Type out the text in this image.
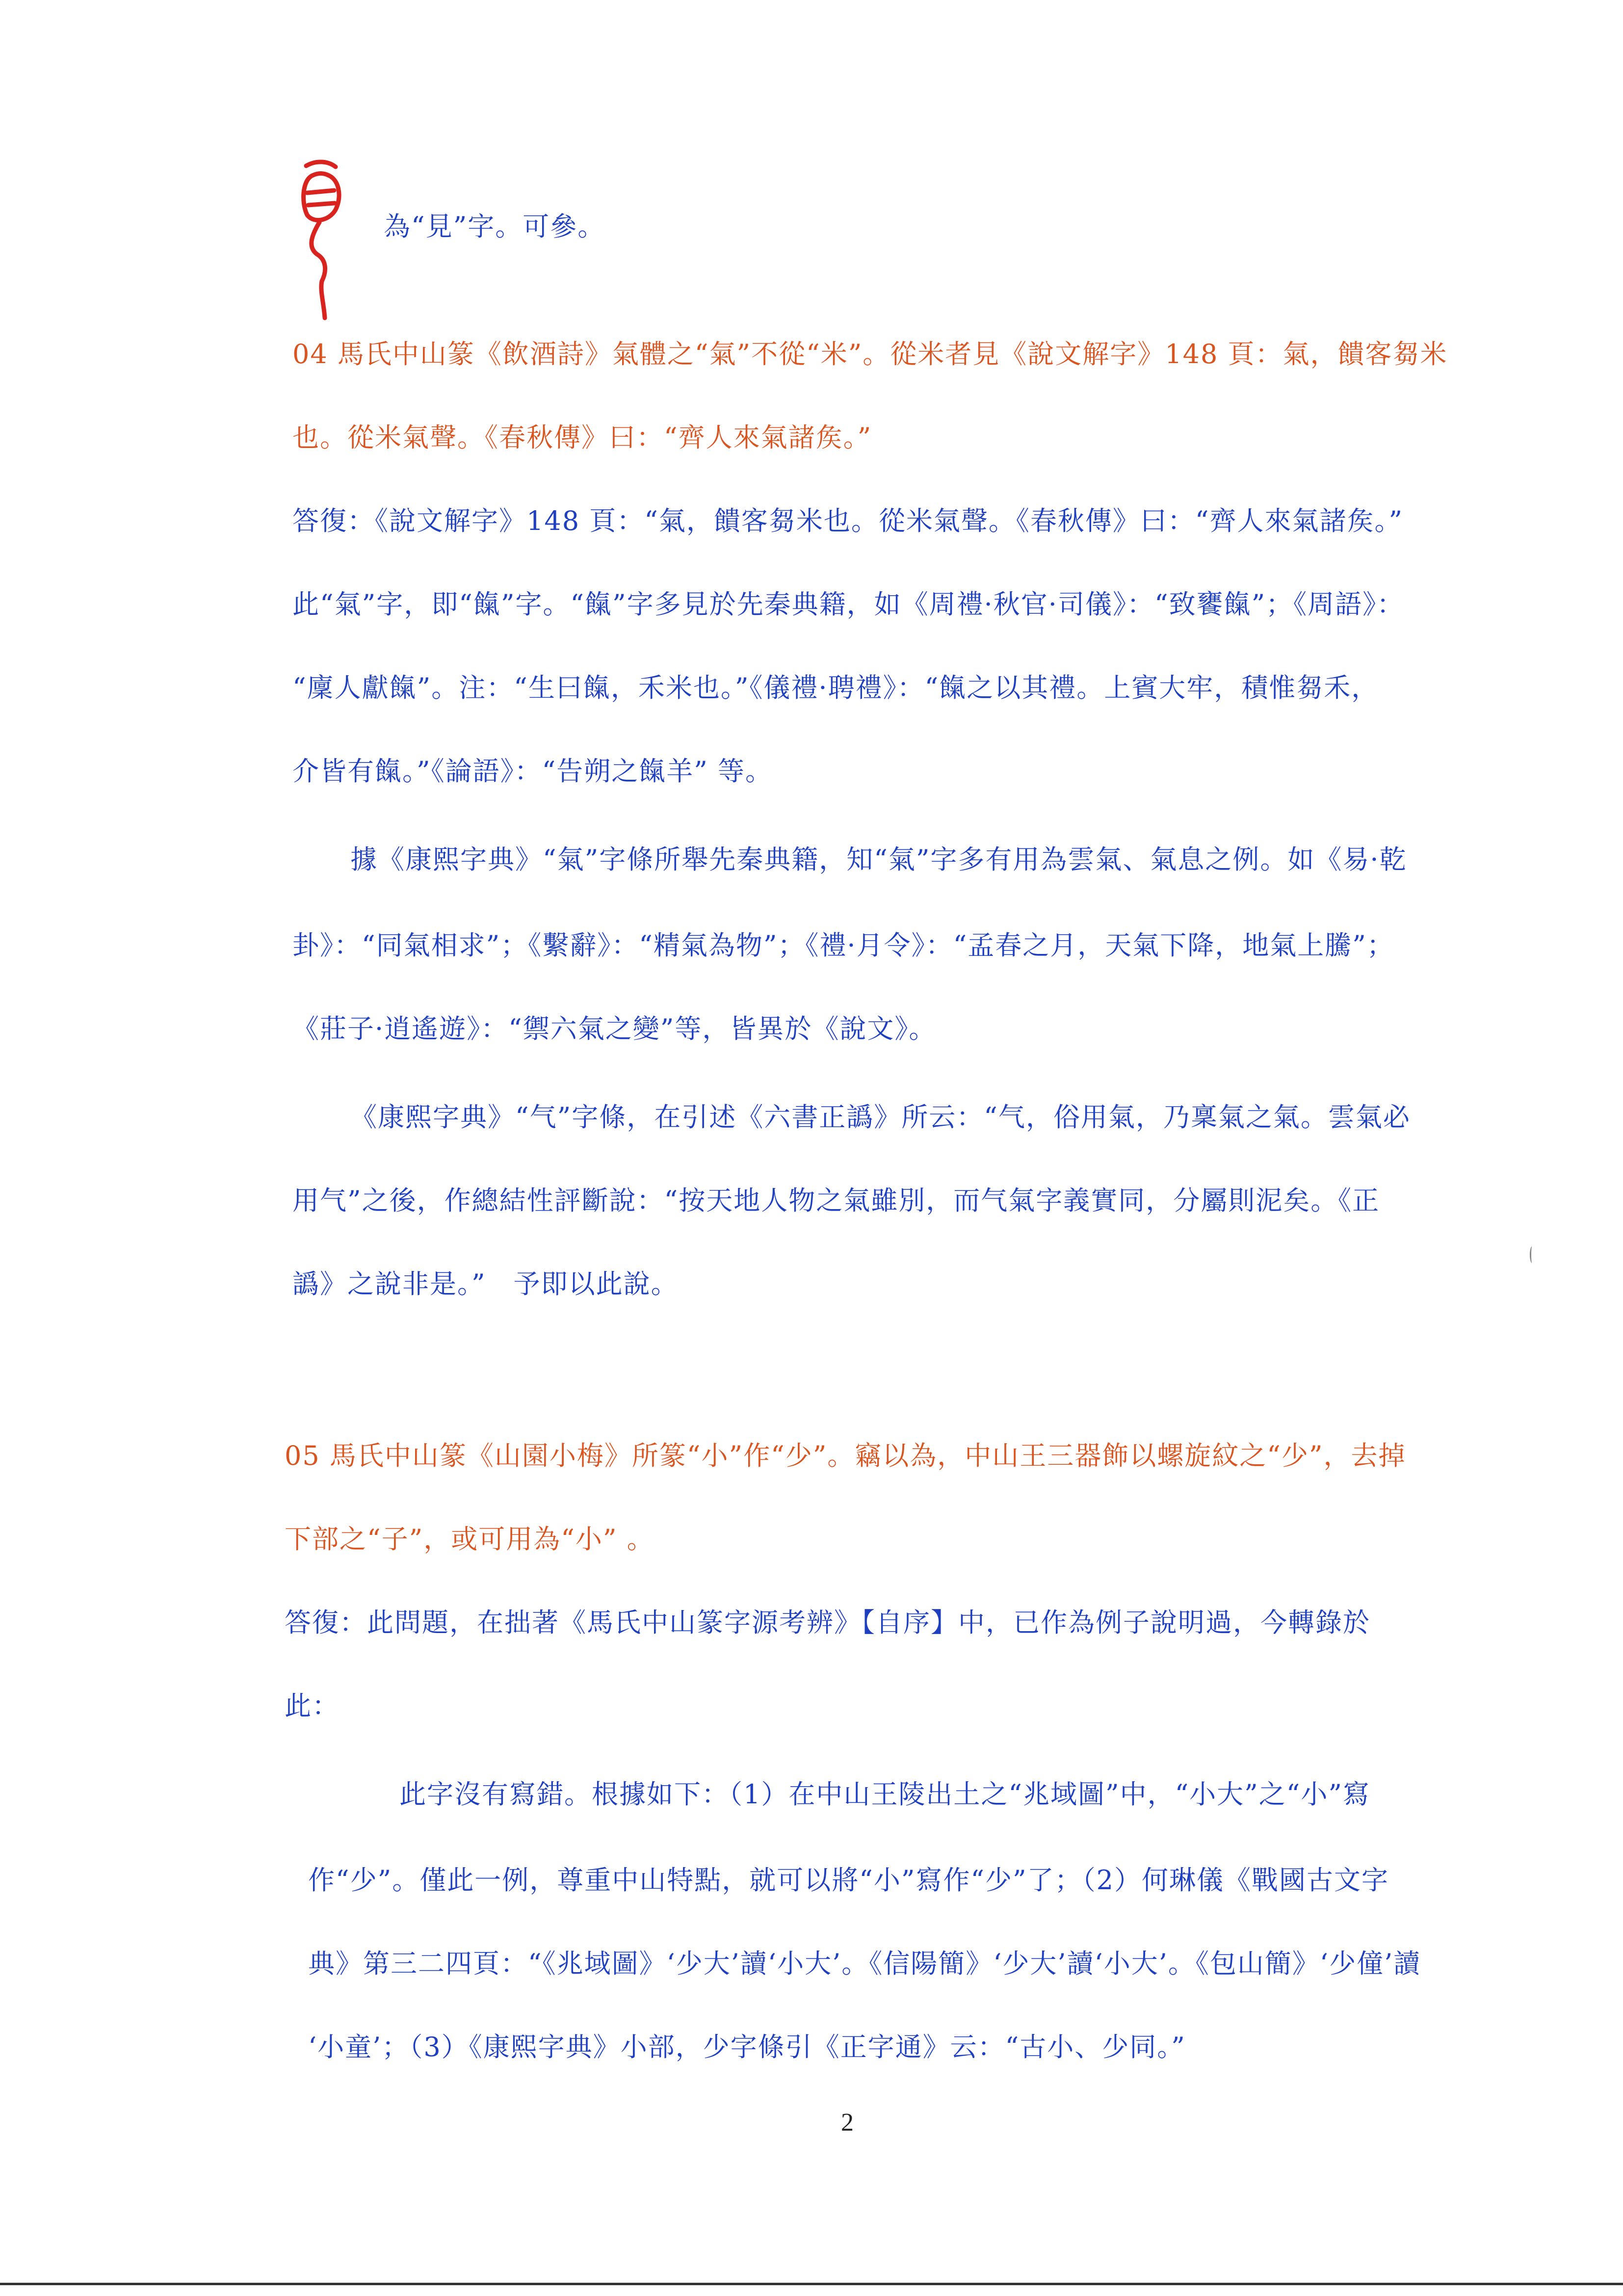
為“見”字。可參。
04 馬氏中山篆《飲酒詩》氣體之“氣”不從“米”。從米者見《說文解字》148 頁：氣，饋客芻米
也。從米氣聲。《春秋傳》曰：“齊人來氣諸矦。”
答復：《說文解字》148 頁：“氣，饋客芻米也。從米氣聲。《春秋傳》曰：“齊人來氣諸矦。”
此“氣”字，即“餼”字。“餼”字多見於先秦典籍，如《周禮·秋官·司儀》：“致饔餼”；《周語》：
“廩人獻餼”。注：“生曰餼，禾米也。”《儀禮·聘禮》：“餼之以其禮。上賓大牢，積惟芻禾，
介皆有餼。”《論語》：“告朔之餼羊” 等。
據《康熙字典》“氣”字條所舉先秦典籍，知“氣”字多有用為雲氣、氣息之例。如《易·乾
卦》：“同氣相求”；《繫辭》：“精氣為物”；《禮·月令》：“孟春之月，天氣下降，地氣上騰”；
《莊子·逍遙遊》：“禦六氣之變”等，皆異於《說文》。
《康熙字典》“气”字條，在引述《六書正譌》所云：“气，俗用氣，乃稟氣之氣。雲氣必
用气”之後，作總結性評斷說：“按天地人物之氣雖別，而气氣字義實同，分屬則泥矣。《正
譌》之說非是。”　予即以此說。
05 馬氏中山篆《山園小梅》所篆“小”作“少”。竊以為，中山王三器飾以螺旋紋之“少”，去掉
下部之“子”，或可用為“小” 。
答復：此問題，在拙著《馬氏中山篆字源考辨》【自序】中，已作為例子說明過，今轉錄於
此：
此字沒有寫錯。根據如下：（1）在中山王陵出土之“兆域圖”中，“小大”之“小”寫
作“少”。僅此一例，尊重中山特點，就可以將“小”寫作“少”了；（2）何琳儀《戰國古文字
典》第三二四頁：“《兆域圖》‘少大’讀‘小大’。《信陽簡》‘少大’讀‘小大’。《包山簡》‘少僮’讀
‘小童’；（3）《康熙字典》小部，少字條引《正字通》云：“古小、少同。”
2
